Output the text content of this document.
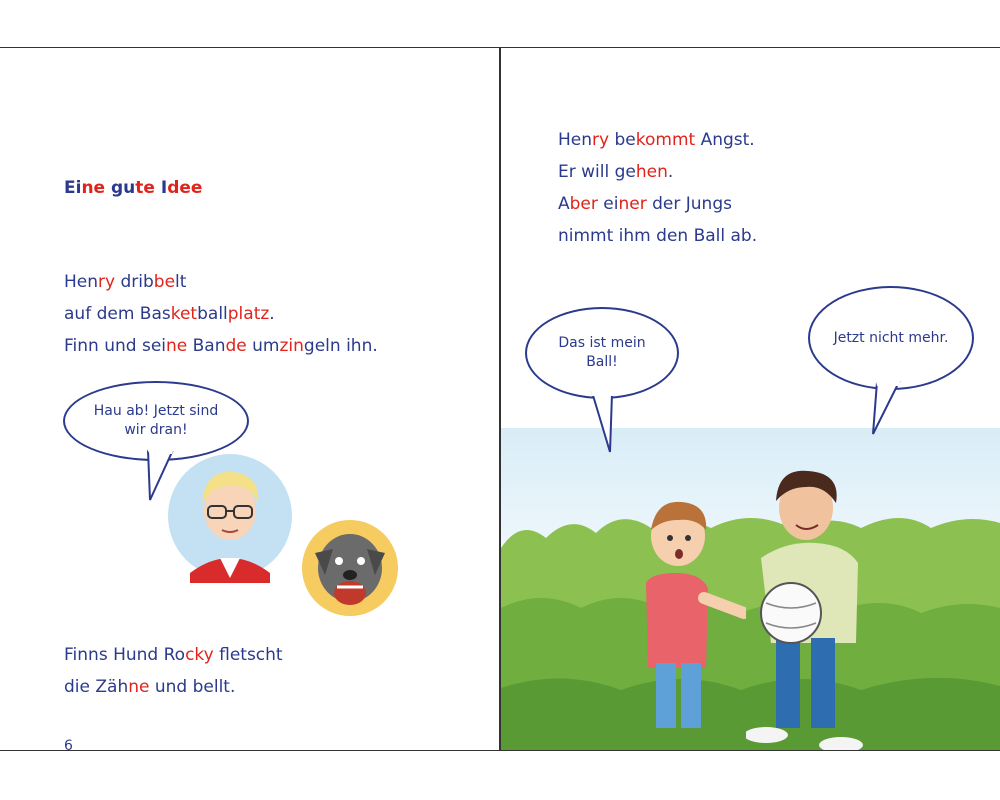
Eine gute Idee
Henry dribbelt
auf dem Basketballplatz.
Finn und seine Bande umzingeln ihn.
Hau ab! Jetzt sind wir dran!
Finns Hund Rocky fletscht
die Zähne und bellt.
6
Henry bekommt Angst.
Er will gehen.
Aber einer der Jungs
nimmt ihm den Ball ab.
Das ist mein Ball!
Jetzt nicht mehr.
